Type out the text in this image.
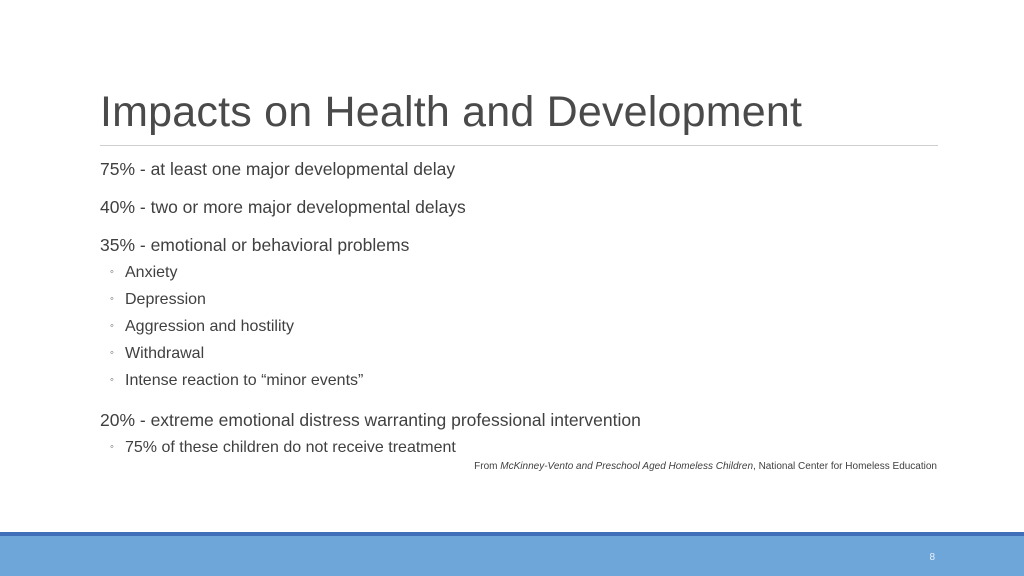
Impacts on Health and Development
75% - at least one major developmental delay
40% - two or more major developmental delays
35% - emotional or behavioral problems
◦ Anxiety
◦ Depression
◦ Aggression and hostility
◦ Withdrawal
◦ Intense reaction to “minor events”
20% - extreme emotional distress warranting professional intervention
◦ 75% of these children do not receive treatment
From McKinney-Vento and Preschool Aged Homeless Children, National Center for Homeless Education
8
